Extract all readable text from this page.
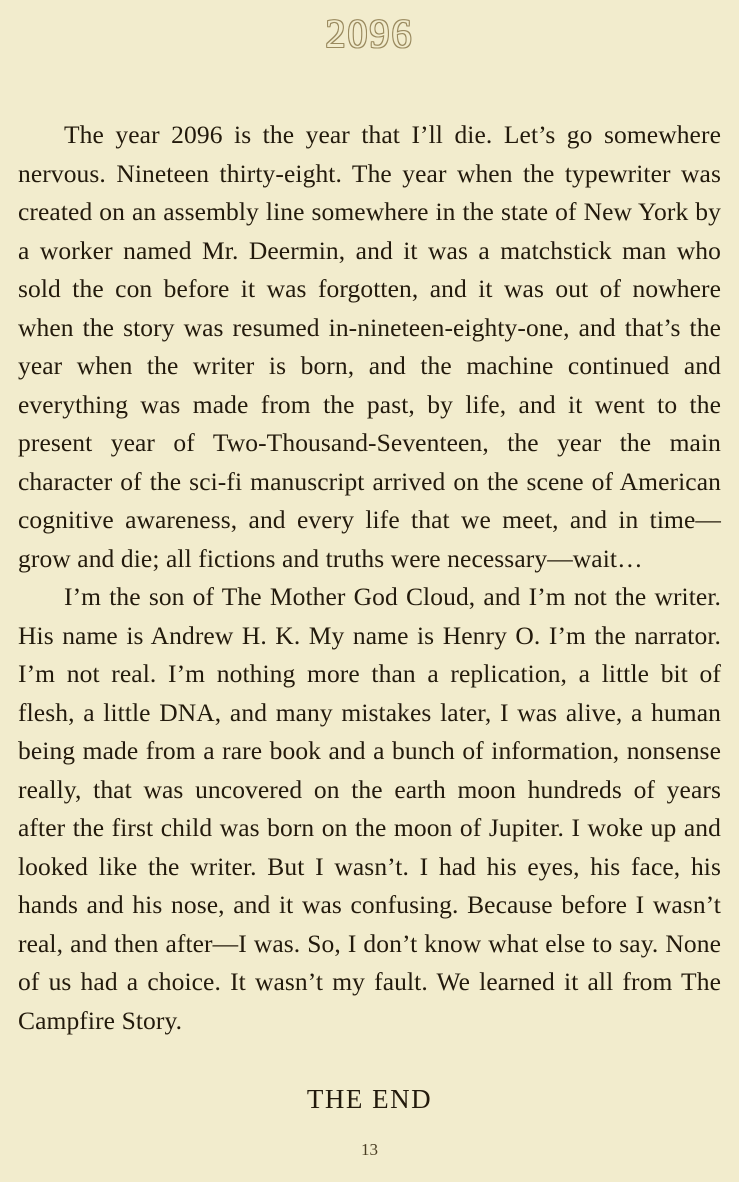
2096

The year 2096 is the year that I’ll die. Let’s go somewhere nervous. Nineteen thirty-eight. The year when the typewriter was created on an assembly line somewhere in the state of New York by a worker named Mr. Deermin, and it was a matchstick man who sold the con before it was forgotten, and it was out of nowhere when the story was resumed in-nineteen-eighty-one, and that’s the year when the writer is born, and the machine continued and everything was made from the past, by life, and it went to the present year of Two-Thousand-Seventeen, the year the main character of the sci-fi manuscript arrived on the scene of American cognitive awareness, and every life that we meet, and in time—grow and die; all fictions and truths were necessary—wait…

I’m the son of The Mother God Cloud, and I’m not the writer. His name is Andrew H. K. My name is Henry O. I’m the narrator. I’m not real. I’m nothing more than a replication, a little bit of flesh, a little DNA, and many mistakes later, I was alive, a human being made from a rare book and a bunch of information, nonsense really, that was uncovered on the earth moon hundreds of years after the first child was born on the moon of Jupiter. I woke up and looked like the writer. But I wasn’t. I had his eyes, his face, his hands and his nose, and it was confusing. Because before I wasn’t real, and then after—I was. So, I don’t know what else to say. None of us had a choice. It wasn’t my fault. We learned it all from The Campfire Story.

THE END
13
